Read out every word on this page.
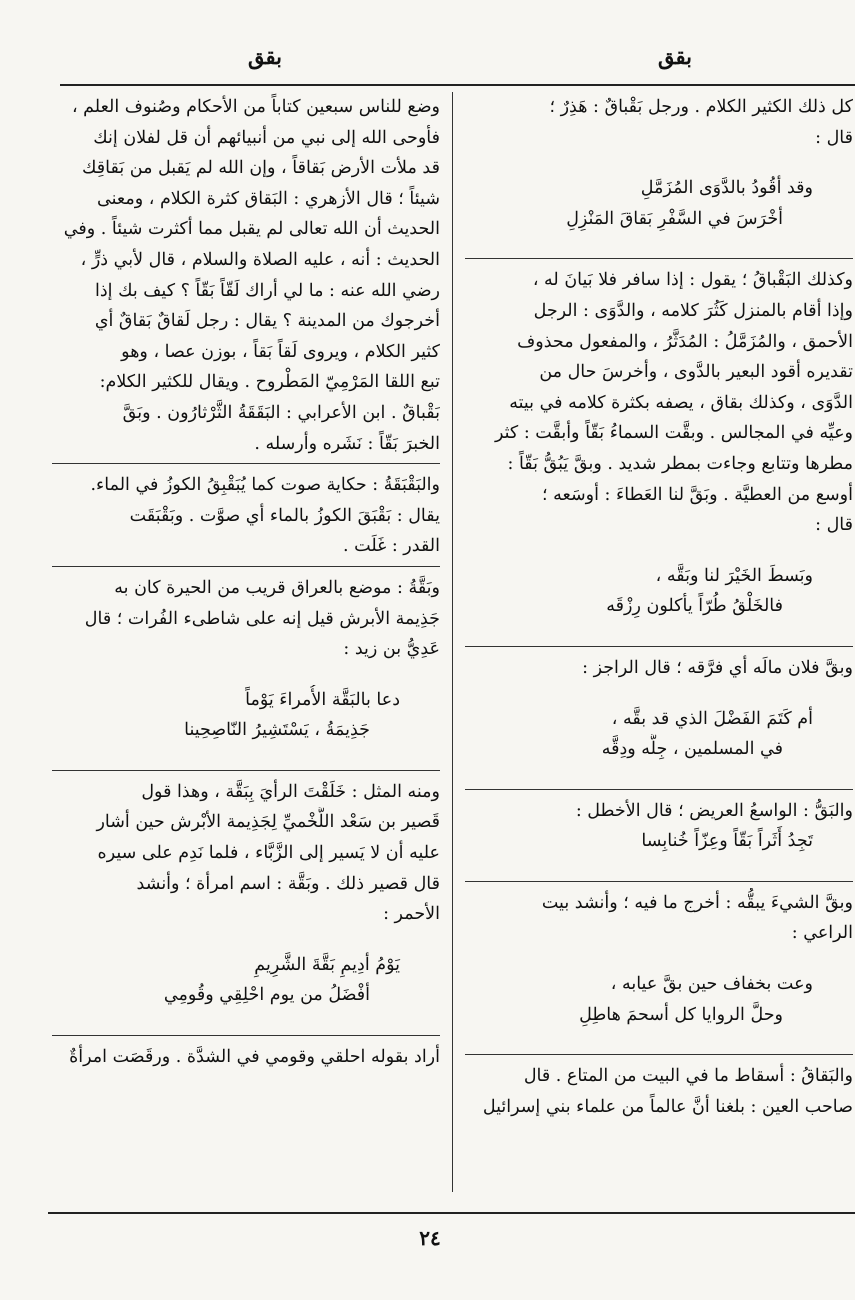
بقق
بقق
كل ذلك الكثير الكلام . ورجل بَقْباقٌ : هَذِرٌ ؛
قال :
وقد أقُودُ بالدَّوَى المُزَمَّلِ
أخْرَسَ في السَّفْرِ بَقاقَ المَنْزِلِ
وكذلك البَقْباقُ ؛ يقول : إذا سافر فلا بَيانَ له ،
وإذا أقام بالمنزل كَثُرَ كلامه ، والدَّوَى : الرجل
الأحمق ، والمُزَمَّلُ : المُدَثَّرُ ، والمفعول محذوف
تقديره أقود البعير بالدَّوى ، وأخرسَ حال من
الدَّوَى ، وكذلك بقاق ، يصفه بكثرة كلامه في بيته
وعيِّه في المجالس . وبقَّت السماءُ بَقّاً وأبقَّت : كثر
مطرها وتتابع وجاءت بمطر شديد . وبقَّ يَبُقُّ بَقّاً :
أوسع من العطيَّة . وبَقَّ لنا العَطاءَ : أوسَعه ؛
قال :
وبَسطَ الخَيْرَ لنا وبَقَّه ،
فالخَلْقُ طُرّاً يأكلون رِزْقَه
وبقَّ فلان مالَه أي فرَّقه ؛ قال الراجز :
أم كَتَمَ الفَضْلَ الذي قد بقَّه ،
في المسلمين ، جِلَّه ودِقَّه
والبَقُّ : الواسعُ العريض ؛ قال الأخطل :
تَجِدُ أَثَراً بَقّاً وعِزّاً خُنابِسا
وبقَّ الشيءَ يبقُّه : أخرج ما فيه ؛ وأنشد بيت
الراعي :
وعت بخفاف حين بقَّ عيابه ،
وحلَّ الروايا كل أسحمَ هاطِلِ
والبَقاقُ : أسقاط ما في البيت من المتاع . قال
صاحب العين : بلغنا أنَّ عالماً من علماء بني إسرائيل
وضع للناس سبعين كتاباً من الأحكام وصُنوف العلم ،
فأوحى الله إلى نبي من أنبيائهم أن قل لفلان إنك
قد ملأت الأرض بَقاقاً ، وإن الله لم يَقبل من بَقاقِك
شيئاً ؛ قال الأزهري : البَقاق كثرة الكلام ، ومعنى
الحديث أن الله تعالى لم يقبل مما أكثرت شيئاً . وفي
الحديث : أنه ، عليه الصلاة والسلام ، قال لأبي ذرٍّ ،
رضي الله عنه : ما لي أراك لَقّاً بَقّاً ؟ كيف بك إذا
أخرجوك من المدينة ؟ يقال : رجل لَقاقٌ بَقاقٌ أي
كثير الكلام ، ويروى لَقاً بَقاً ، بوزن عصا ، وهو
تبع اللقا المَرْمِيّ المَطْروح . ويقال للكثير الكلام:
بَقْباقٌ . ابن الأعرابي : البَقَقَةُ الثَّرْثارُون . وبَقَّ
الخبرَ بَقّاً : نَشَره وأرسله .
والبَقْبَقَةُ : حكاية صوت كما يُبَقْبِقُ الكوزُ في الماء.
يقال : بَقْبَقَ الكوزُ بالماء أي صوَّت . وبَقْبَقَت
القدر : غَلَت .
وبَقَّةُ : موضع بالعراق قريب من الحيرة كان به
جَذِيمة الأبرش قيل إنه على شاطىء الفُرات ؛ قال
عَدِيُّ بن زيد :
دعا بالبَقَّة الأُمراءَ يَوْماً
جَذِيمَةُ ، يَسْتَشِيرُ النّاصِحِينا
ومنه المثل : خَلَقْتَ الرأيَ بِبَقَّة ، وهذا قول
قَصير بن سَعْد اللَّخْميِّ لِجَذِيمة الأبْرش حين أشار
عليه أن لا يَسير إلى الزَّبَّاء ، فلما نَدِم على سيره
قال قصير ذلك . وبَقَّة : اسم امرأة ؛ وأنشد
الأحمر :
يَوْمُ أدِيمِ بَقَّةَ الشَّرِيمِ
أفْضَلُ من يوم احْلِقِي وقُومِي
أراد بقوله احلقي وقومي في الشدَّة . ورقَصَت امرأةٌ
٢٤
